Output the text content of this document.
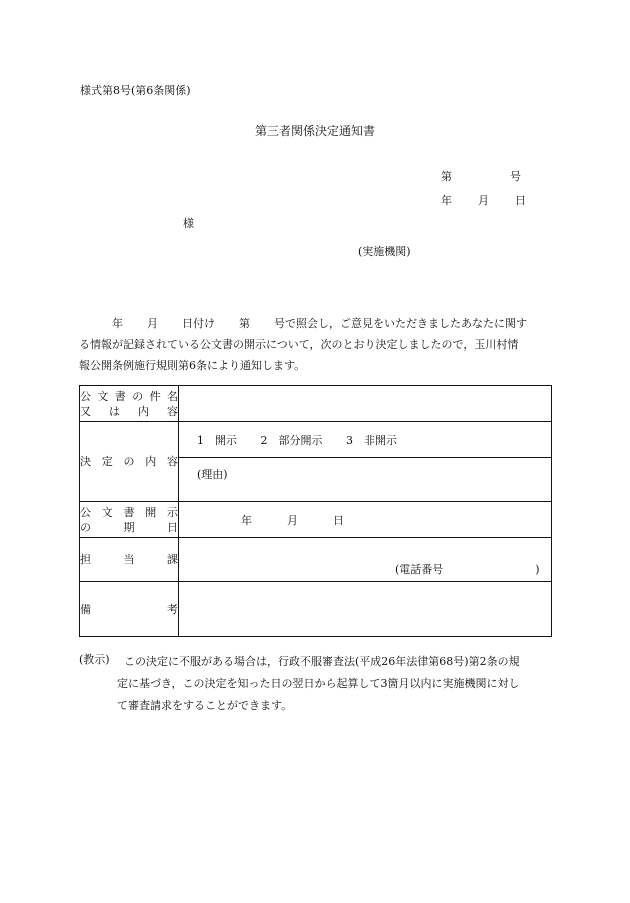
様式第8号(第6条関係)
第三者関係決定通知書
第	号
年 月 日
様
(実施機関)
年 月 日付け 第 号で照会し，ご意見をいただきましたあなたに関す
る情報が記録されている公文書の開示について，次のとおり決定しましたので，玉川村情
報公開条例施行規則第6条により通知します。
公文書の件名
又は内容	

決定の内容	1　開示 2　部分開示 3　非開示
	(理由)

公文書開示
の期日	年 月 日

担当課	(電話番号 )

備考	

(教示)	この決定に不服がある場合は，行政不服審査法(平成26年法律第68号)第2条の規
定に基づき，この決定を知った日の翌日から起算して3箇月以内に実施機関に対し
て審査請求をすることができます。
